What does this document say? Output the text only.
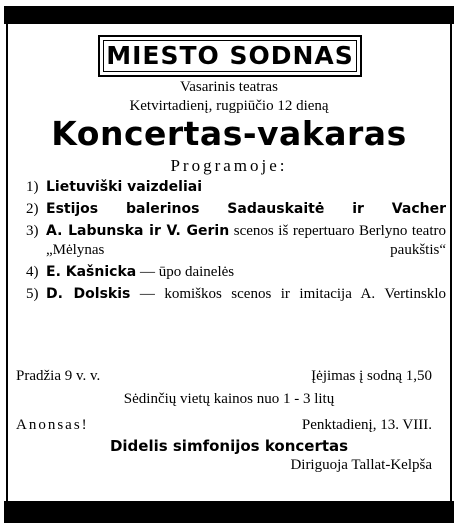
MIESTO SODNAS
Vasarinis teatras
Ketvirtadienį, rugpiūčio 12 dieną
Koncertas-vakaras
Programoje:
1) Lietuviški vaizdeliai
2) Estijos balerinos Sadauskaitė ir Vacher
3) A. Labunska ir V. Gerin scenos iš repertuaro Berlyno teatro „Mėlynas paukštis“
4) E. Kašnicka — ūpo dainelės
5) D. Dolskis — komiškos scenos ir imitacija A. Vertinsklo
Pradžia 9 v. v.	Įėjimas į sodną 1,50
Sėdinčių vietų kainos nuo 1 - 3 litų
Anonsas!	Penktadienį, 13. VIII.
Didelis simfonijos koncertas
Diriguoja Tallat-Kelpša
